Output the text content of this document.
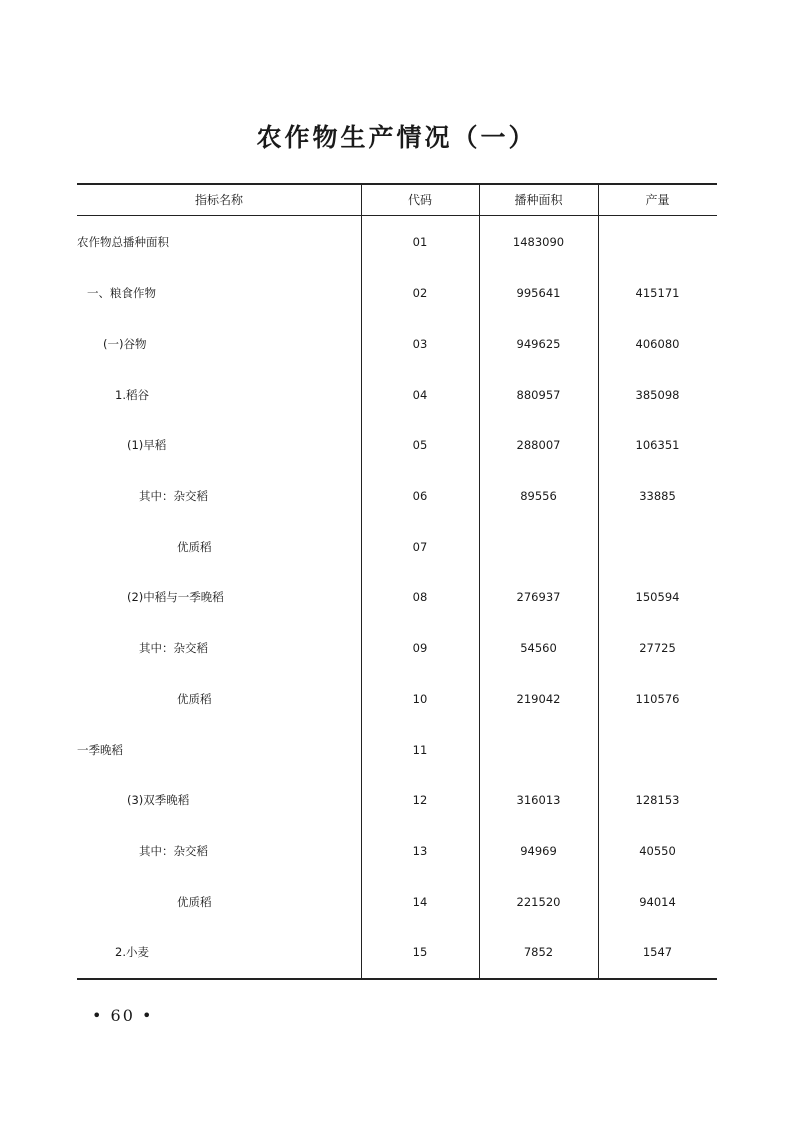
农作物生产情况（一）
指标名称	代码	播种面积	产量
农作物总播种面积	01	1483090
一、粮食作物	02	995641	415171
(一)谷物	03	949625	406080
1.稻谷	04	880957	385098
(1)早稻	05	288007	106351
其中：杂交稻	06	89556	33885
优质稻	07
(2)中稻与一季晚稻	08	276937	150594
其中：杂交稻	09	54560	27725
优质稻	10	219042	110576
一季晚稻	11
(3)双季晚稻	12	316013	128153
其中：杂交稻	13	94969	40550
优质稻	14	221520	94014
2.小麦	15	7852	1547
• 60 •
